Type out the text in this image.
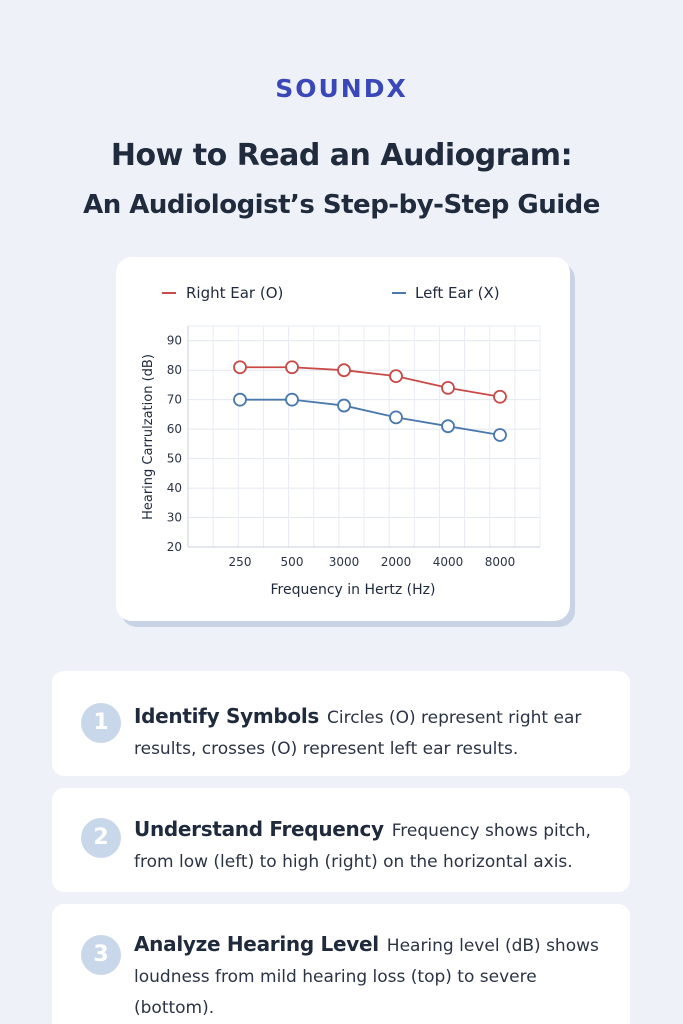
SOUNDX
How to Read an Audiogram:
An Audiologist’s Step-by-Step Guide
20
30
40
50
60
70
80
90
250 500 3000 2000 4000 8000
Frequency in Hertz (Hz)
Hearing Carrulzation (dB)
Right Ear (O)	Left Ear (X)
1	Identify Symbols Circles (O) represent right ear results, crosses (O) represent left ear results.
2	Understand Frequency Frequency shows pitch, from low (left) to high (right) on the horizontal axis.
3	Analyze Hearing Level Hearing level (dB) shows loudness from mild hearing loss (top) to severe (bottom).
